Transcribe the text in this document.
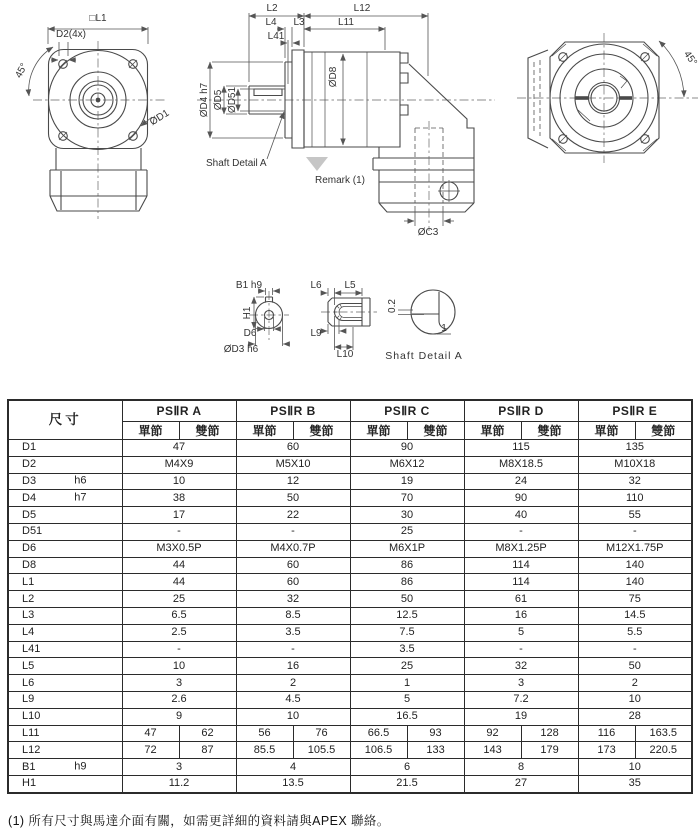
□L1
D2(4x)
45°
ØD1
ØC3
L2	L12
L4 L3
L41
L11
ØD4 h7 ØD5 ØD51
ØD8
Shaft Detail A
Remark (1)
45°
B1 h9
H1
D6
ØD3 h6
L6 L5
L9
L10
0.2
1
Shaft Detail A
尺寸	PSⅡR A		PSⅡR B		PSⅡR C		PSⅡR D		PSⅡR E	
	單節	雙節	單節	雙節	單節	雙節	單節	雙節	單節	雙節
D1	47		60		90		115		135	
D2	M4X9		M5X10		M6X12		M8X18.5		M10X18	
D3 h6	10		12		19		24		32	
D4 h7	38		50		70		90		110	
D5	17		22		30		40		55	
D51	-		-		25		-		-	
D6	M3X0.5P		M4X0.7P		M6X1P		M8X1.25P		M12X1.75P	
D8	44		60		86		114		140	
L1	44		60		86		114		140	
L2	25		32		50		61		75	
L3	6.5		8.5		12.5		16		14.5	
L4	2.5		3.5		7.5		5		5.5	
L41	-		-		3.5		-		-	
L5	10		16		25		32		50	
L6	3		2		1		3		2	
L9	2.6		4.5		5		7.2		10	
L10	9		10		16.5		19		28	
L11	47	62	56	76	66.5	93	92	128	116	163.5
L12	72	87	85.5	105.5	106.5	133	143	179	173	220.5
B1 h9	3		4		6		8		10	
H1	11.2		13.5		21.5		27		35	
(1) 所有尺寸與馬達介面有關，如需更詳細的資料請與APEX 聯絡。
